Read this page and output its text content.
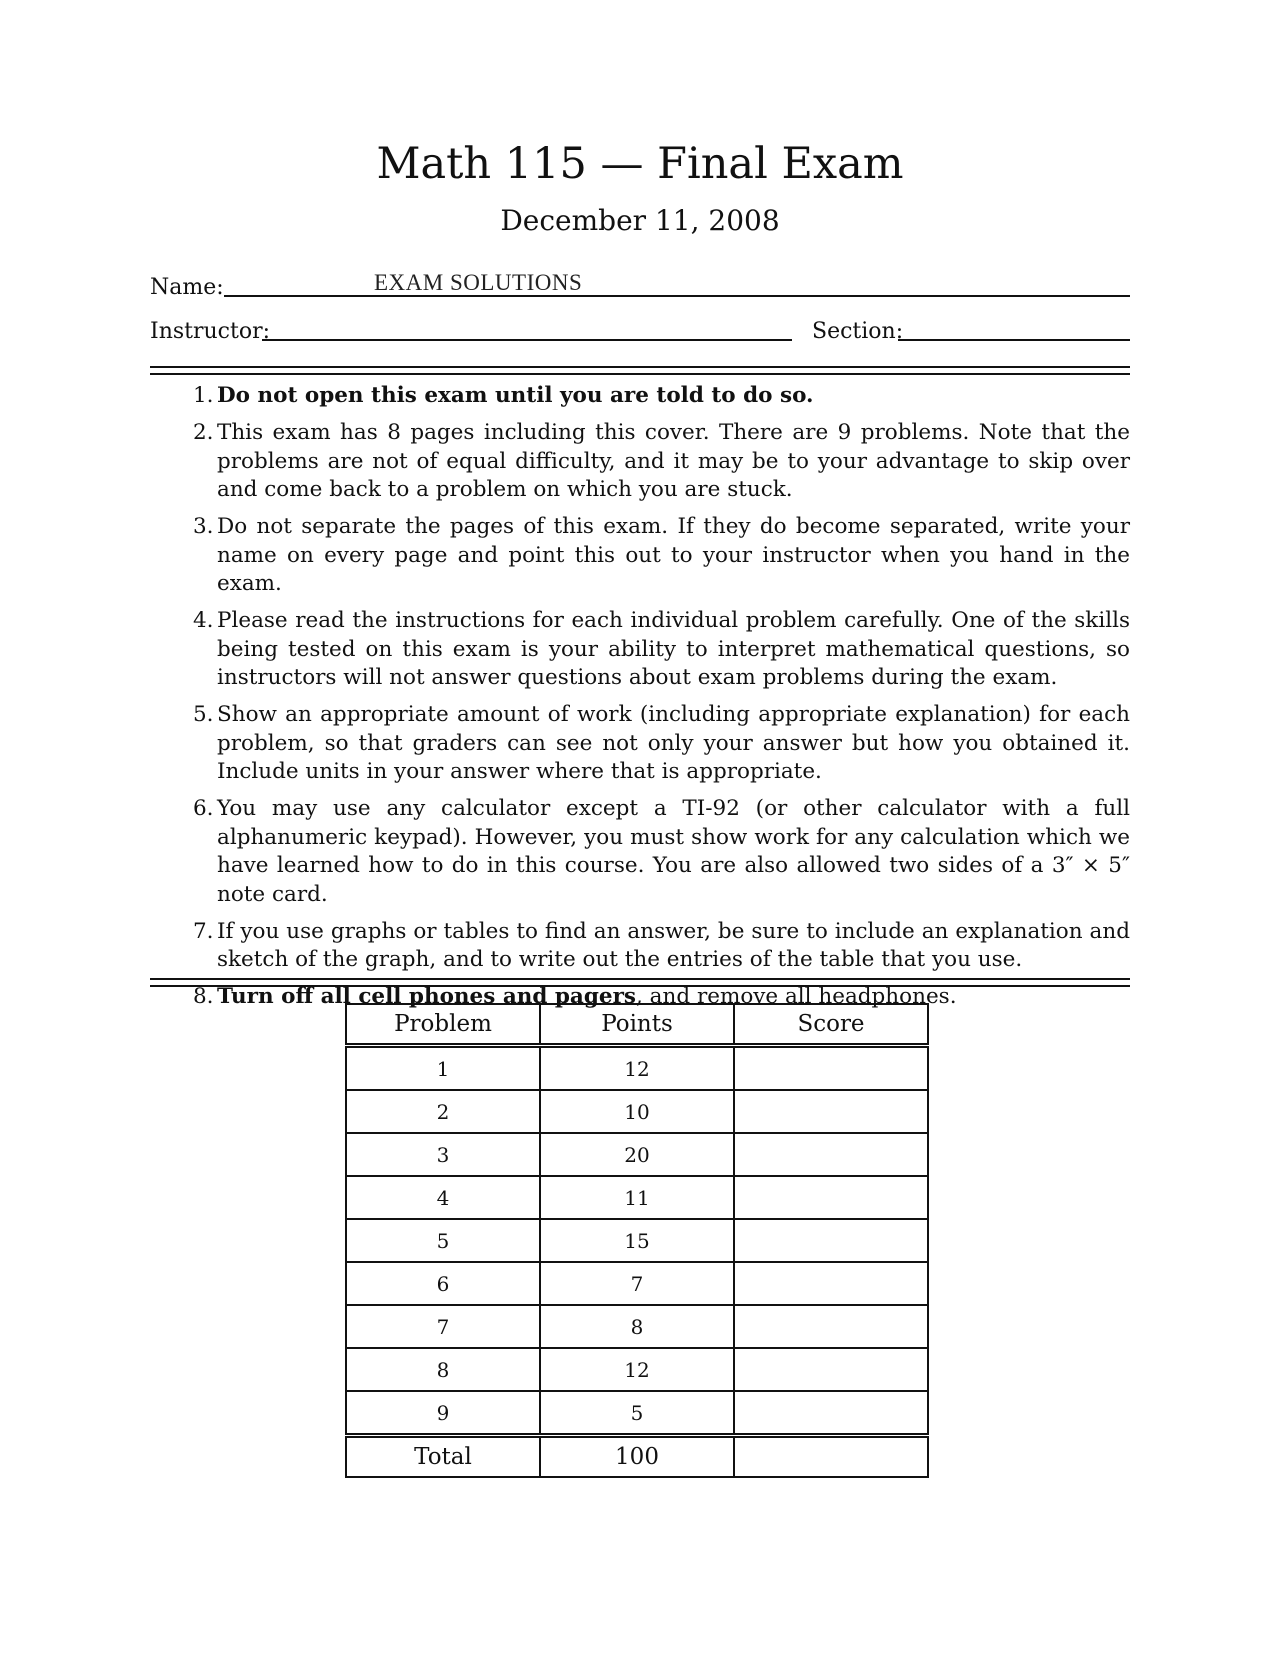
Math 115 — Final Exam
December 11, 2008
Name:	EXAM SOLUTIONS
Instructor:	Section:
1. Do not open this exam until you are told to do so.
2. This exam has 8 pages including this cover. There are 9 problems. Note that the problems are not of equal difficulty, and it may be to your advantage to skip over and come back to a problem on which you are stuck.
3. Do not separate the pages of this exam. If they do become separated, write your name on every page and point this out to your instructor when you hand in the exam.
4. Please read the instructions for each individual problem carefully. One of the skills being tested on this exam is your ability to interpret mathematical questions, so instructors will not answer questions about exam problems during the exam.
5. Show an appropriate amount of work (including appropriate explanation) for each problem, so that graders can see not only your answer but how you obtained it. Include units in your answer where that is appropriate.
6. You may use any calculator except a TI-92 (or other calculator with a full alphanumeric keypad). However, you must show work for any calculation which we have learned how to do in this course. You are also allowed two sides of a 3″ × 5″ note card.
7. If you use graphs or tables to find an answer, be sure to include an explanation and sketch of the graph, and to write out the entries of the table that you use.
8. Turn off all cell phones and pagers, and remove all headphones.
Problem	Points	Score
1	12	
2	10	
3	20	
4	11	
5	15	
6	7	
7	8	
8	12	
9	5	
Total	100	
